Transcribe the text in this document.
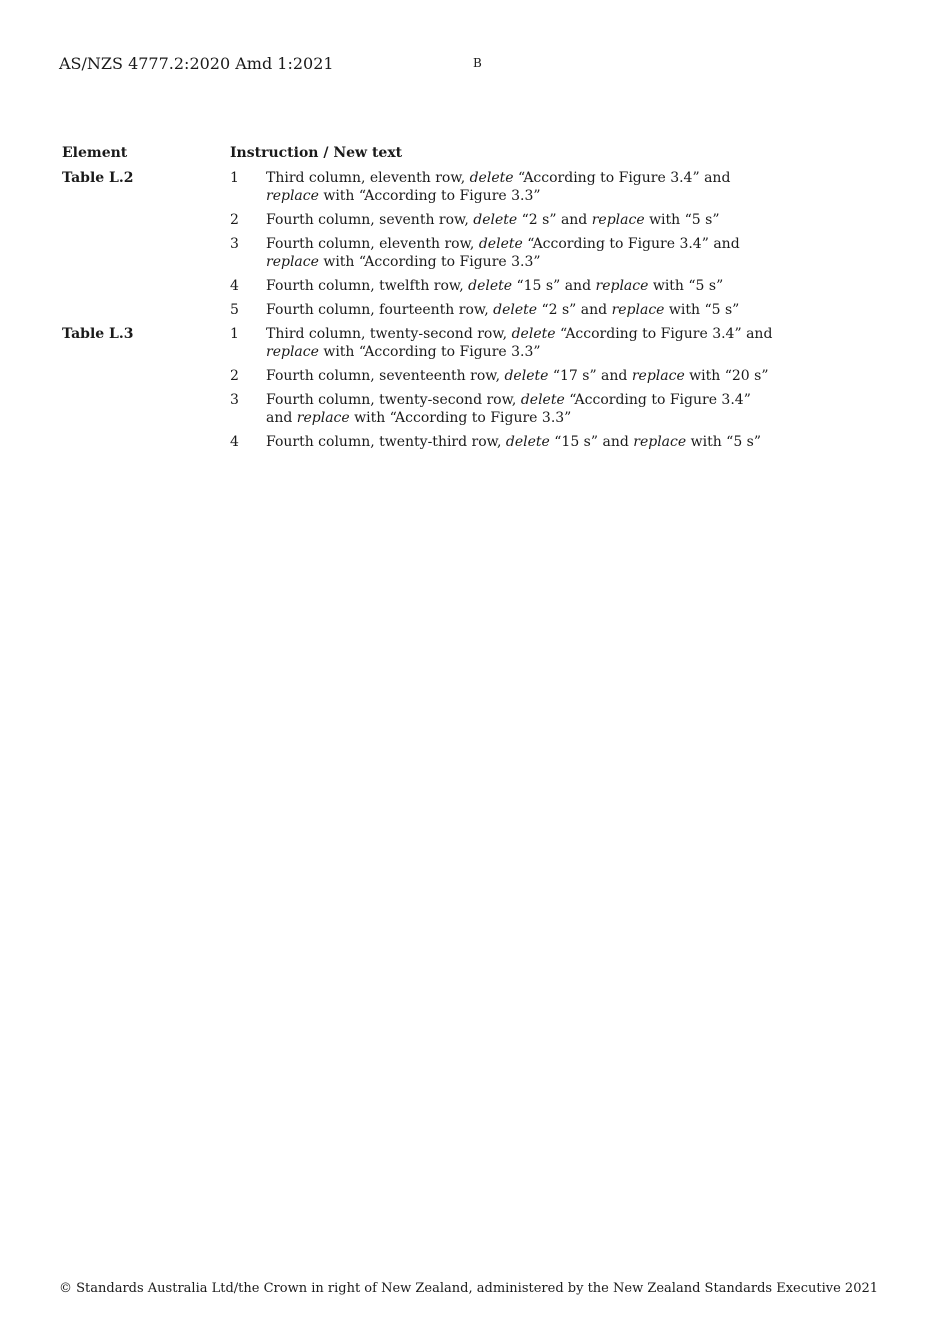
AS/NZS 4777.2:2020 Amd 1:2021	B
Element	Instruction / New text
Table L.2	1 Third column, eleventh row, delete “According to Figure 3.4” and replace with “According to Figure 3.3”
2 Fourth column, seventh row, delete “2 s” and replace with “5 s”
3 Fourth column, eleventh row, delete “According to Figure 3.4” and replace with “According to Figure 3.3”
4 Fourth column, twelfth row, delete “15 s” and replace with “5 s”
5 Fourth column, fourteenth row, delete “2 s” and replace with “5 s”
Table L.3	1 Third column, twenty-second row, delete “According to Figure 3.4” and replace with “According to Figure 3.3”
2 Fourth column, seventeenth row, delete “17 s” and replace with “20 s”
3 Fourth column, twenty-second row, delete “According to Figure 3.4” and replace with “According to Figure 3.3”
4 Fourth column, twenty-third row, delete “15 s” and replace with “5 s”
© Standards Australia Ltd/the Crown in right of New Zealand, administered by the New Zealand Standards Executive 2021
